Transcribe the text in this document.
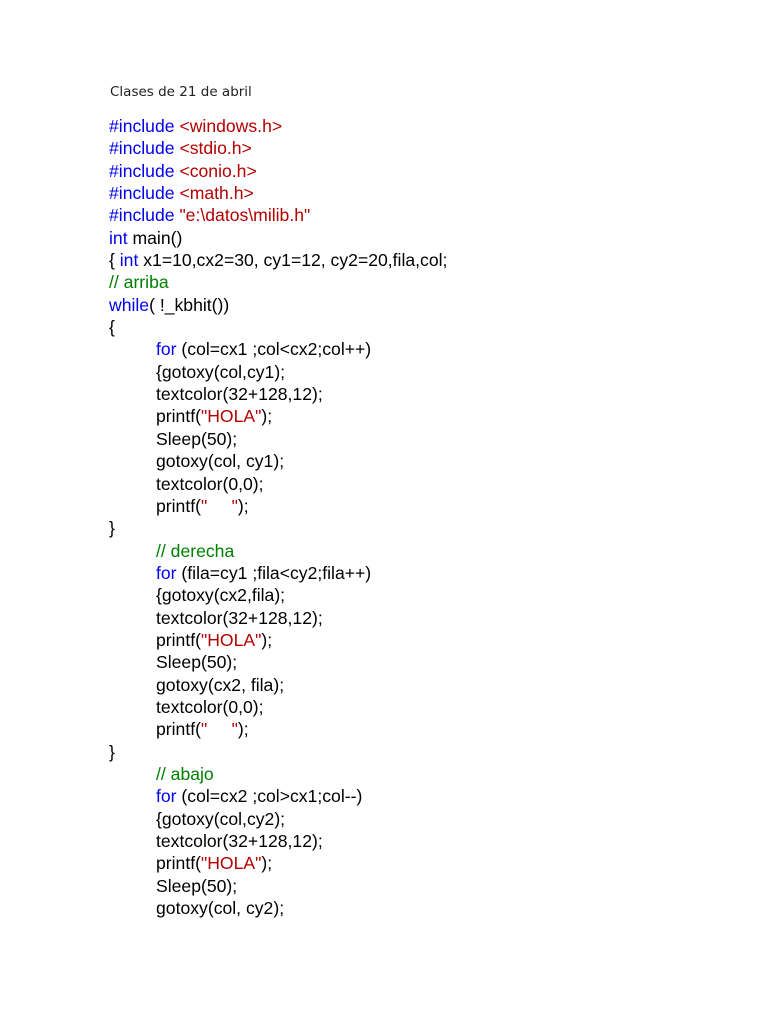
Clases de 21 de abril
#include <windows.h>
#include <stdio.h>
#include <conio.h>
#include <math.h>
#include "e:\datos\milib.h"
int main()
{ int x1=10,cx2=30, cy1=12, cy2=20,fila,col;
// arriba
while( !_kbhit())
{
for (col=cx1 ;col<cx2;col++)
{gotoxy(col,cy1);
textcolor(32+128,12);
printf("HOLA");
Sleep(50);
gotoxy(col, cy1);
textcolor(0,0);
printf("     ");
}
// derecha
for (fila=cy1 ;fila<cy2;fila++)
{gotoxy(cx2,fila);
textcolor(32+128,12);
printf("HOLA");
Sleep(50);
gotoxy(cx2, fila);
textcolor(0,0);
printf("     ");
}
// abajo
for (col=cx2 ;col>cx1;col--)
{gotoxy(col,cy2);
textcolor(32+128,12);
printf("HOLA");
Sleep(50);
gotoxy(col, cy2);
